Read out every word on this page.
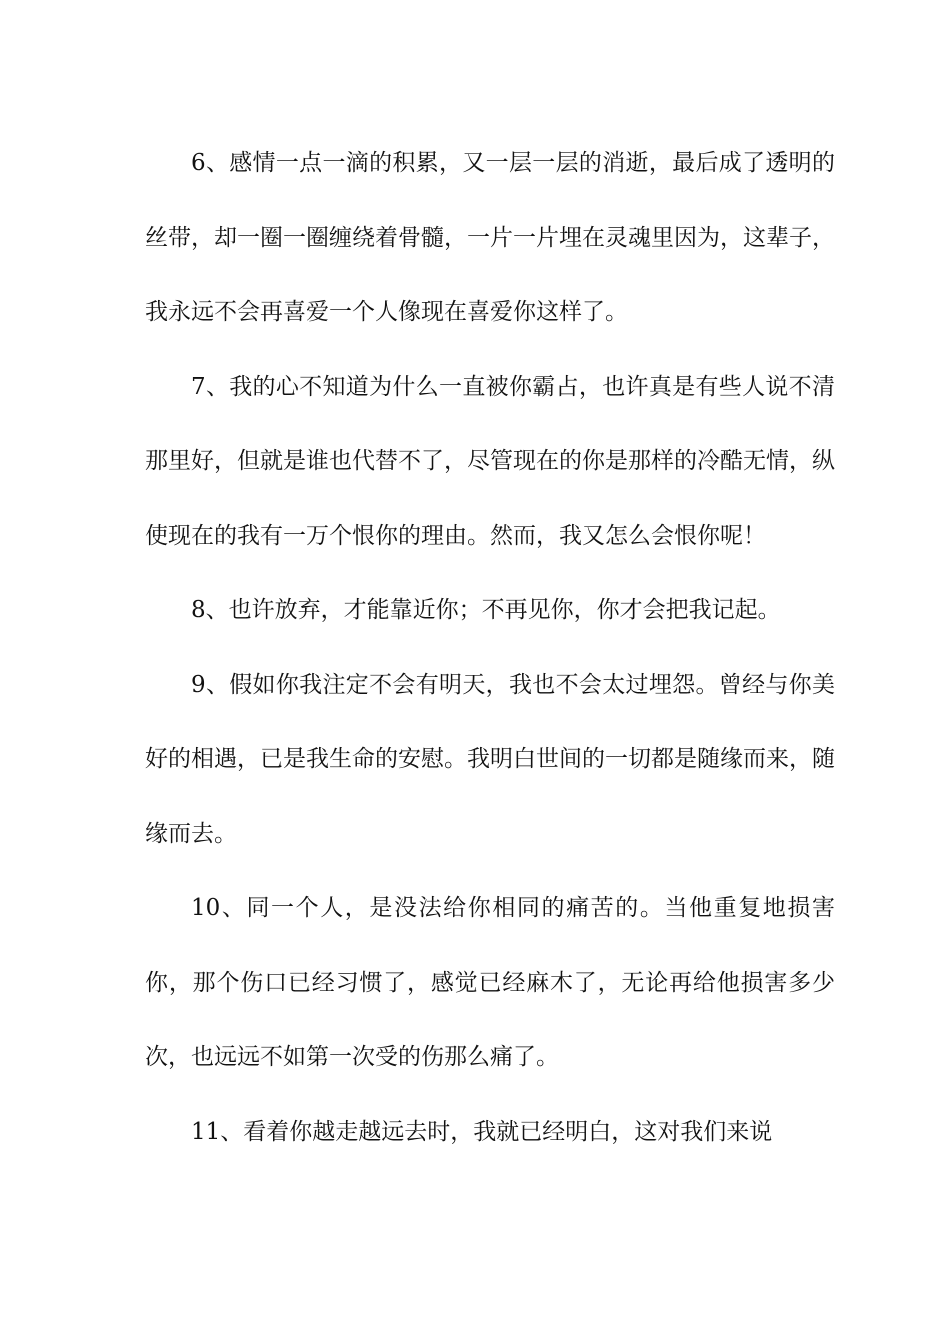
6、感情一点一滴的积累，又一层一层的消逝，最后成了透明的丝带，却一圈一圈缠绕着骨髓，一片一片埋在灵魂里因为，这辈子，我永远不会再喜爱一个人像现在喜爱你这样了。

7、我的心不知道为什么一直被你霸占，也许真是有些人说不清那里好，但就是谁也代替不了，尽管现在的你是那样的冷酷无情，纵使现在的我有一万个恨你的理由。然而，我又怎么会恨你呢！

8、也许放弃，才能靠近你；不再见你，你才会把我记起。

9、假如你我注定不会有明天，我也不会太过埋怨。曾经与你美好的相遇，已是我生命的安慰。我明白世间的一切都是随缘而来，随缘而去。

10、同一个人，是没法给你相同的痛苦的。当他重复地损害你，那个伤口已经习惯了，感觉已经麻木了，无论再给他损害多少次，也远远不如第一次受的伤那么痛了。

11、看着你越走越远去时，我就已经明白，这对我们来说
